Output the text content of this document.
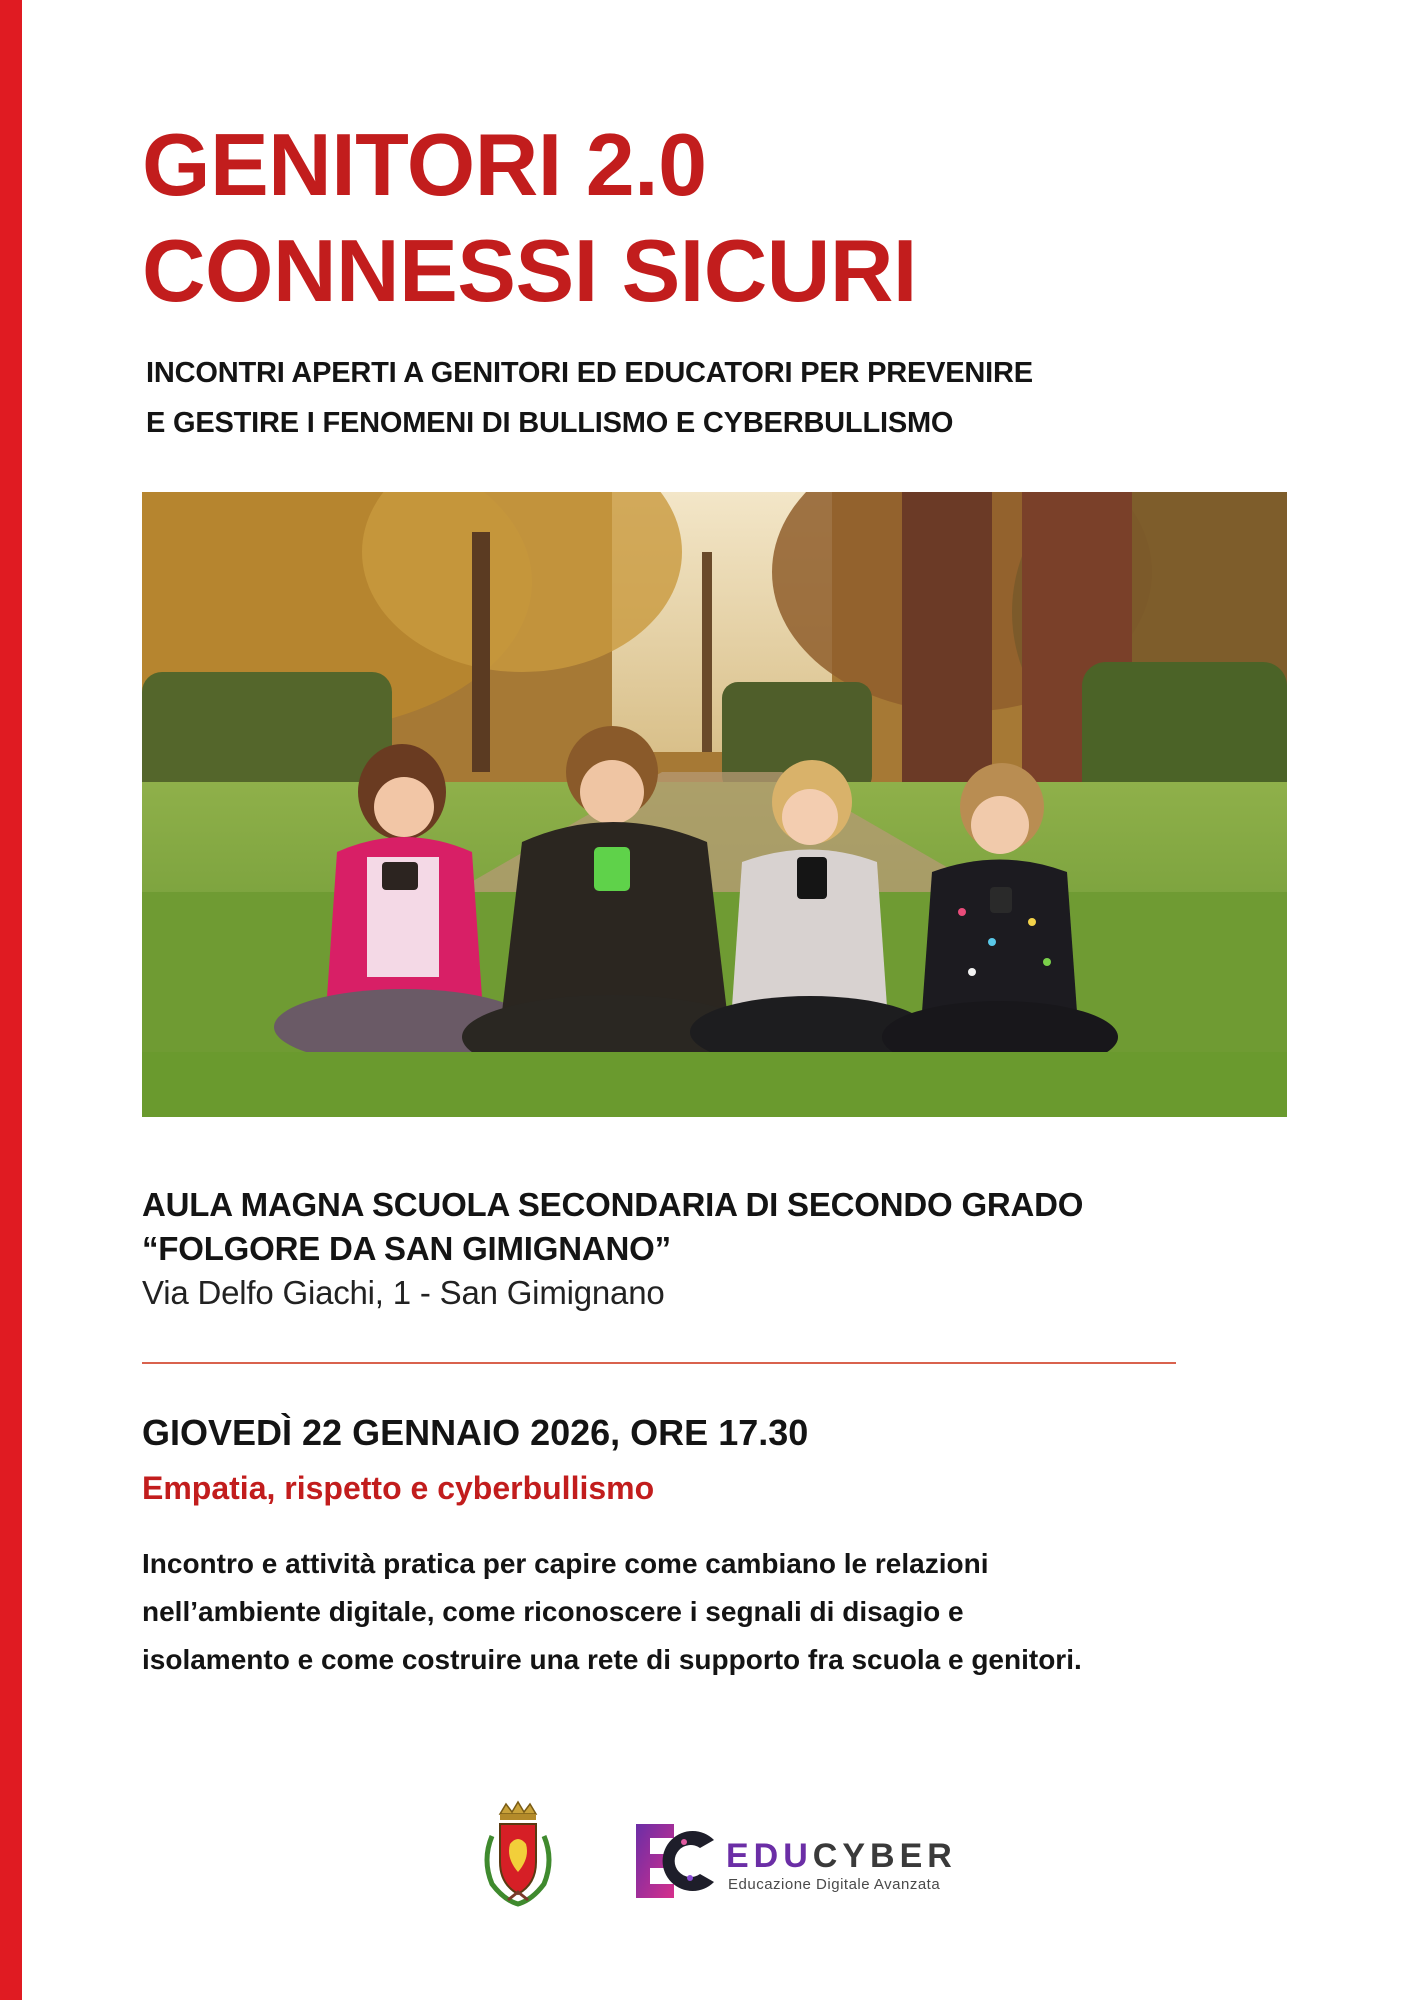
GENITORI 2.0
CONNESSI SICURI

INCONTRI APERTI A GENITORI ED EDUCATORI PER PREVENIRE
E GESTIRE I FENOMENI DI BULLISMO E CYBERBULLISMO

AULA MAGNA SCUOLA SECONDARIA DI SECONDO GRADO
“FOLGORE DA SAN GIMIGNANO”
Via Delfo Giachi, 1 - San Gimignano

GIOVEDÌ 22 GENNAIO 2026, ORE 17.30

Empatia, rispetto e cyberbullismo

Incontro e attività pratica per capire come cambiano le relazioni
nell’ambiente digitale, come riconoscere i segnali di disagio e
isolamento e come costruire una rete di supporto fra scuola e genitori.

EDUCYBER
Educazione Digitale Avanzata
